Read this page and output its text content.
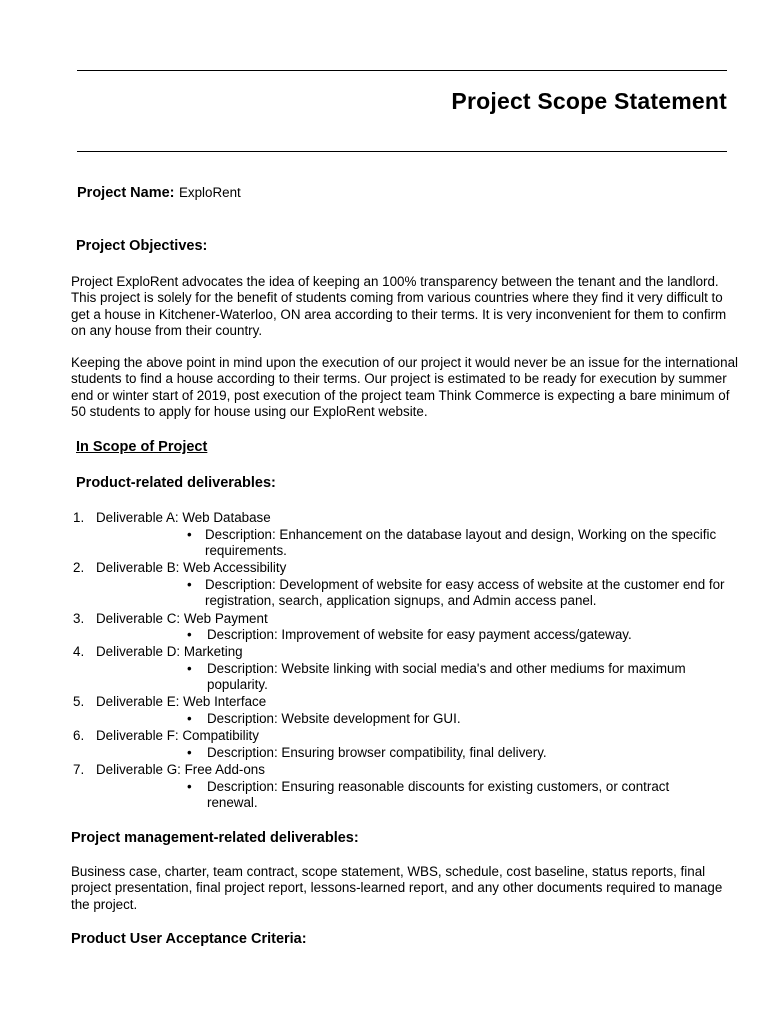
Project Scope Statement
Project Name: ExploRent
Project Objectives:
Project ExploRent advocates the idea of keeping an 100% transparency between the tenant and the landlord. This project is solely for the benefit of students coming from various countries where they find it very difficult to get a house in Kitchener-Waterloo, ON area according to their terms. It is very inconvenient for them to confirm on any house from their country.
Keeping the above point in mind upon the execution of our project it would never be an issue for the international students to find a house according to their terms. Our project is estimated to be ready for execution by summer end or winter start of 2019, post execution of the project team Think Commerce is expecting a bare minimum of 50 students to apply for house using our ExploRent website.
In Scope of Project
Product-related deliverables:
1. Deliverable A: Web Database
• Description: Enhancement on the database layout and design, Working on the specific requirements.
2. Deliverable B: Web Accessibility
• Description: Development of website for easy access of website at the customer end for registration, search, application signups, and Admin access panel.
3. Deliverable C: Web Payment
• Description: Improvement of website for easy payment access/gateway.
4. Deliverable D: Marketing
• Description: Website linking with social media's and other mediums for maximum popularity.
5. Deliverable E: Web Interface
• Description: Website development for GUI.
6. Deliverable F: Compatibility
• Description: Ensuring browser compatibility, final delivery.
7. Deliverable G: Free Add-ons
• Description: Ensuring reasonable discounts for existing customers, or contract renewal.
Project management-related deliverables:
Business case, charter, team contract, scope statement, WBS, schedule, cost baseline, status reports, final project presentation, final project report, lessons-learned report, and any other documents required to manage the project.
Product User Acceptance Criteria:
